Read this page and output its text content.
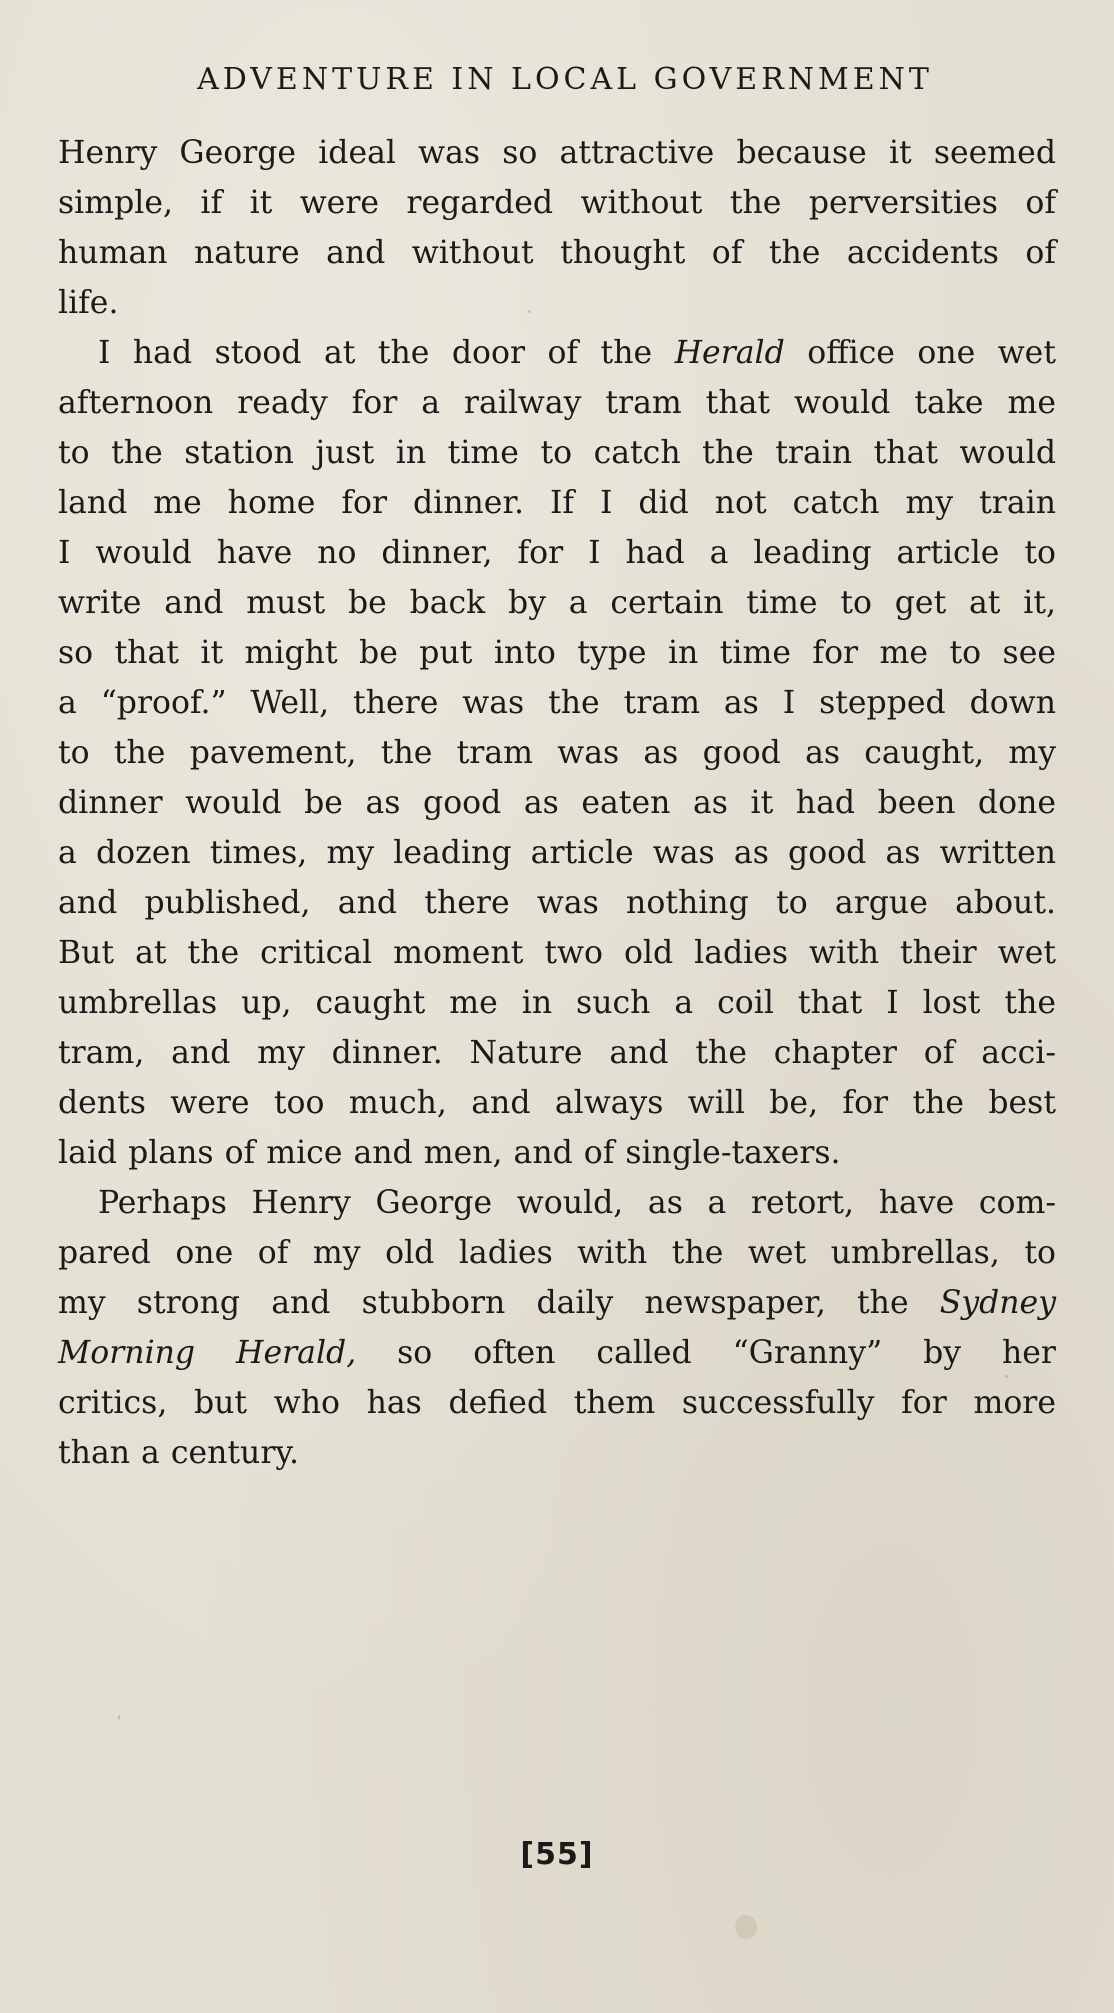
ADVENTURE IN LOCAL GOVERNMENT
Henry George ideal was so attractive because it seemed
simple, if it were regarded without the perversities of
human nature and without thought of the accidents of
life.
I had stood at the door of the Herald office one wet
afternoon ready for a railway tram that would take me
to the station just in time to catch the train that would
land me home for dinner. If I did not catch my train
I would have no dinner, for I had a leading article to
write and must be back by a certain time to get at it,
so that it might be put into type in time for me to see
a “proof.” Well, there was the tram as I stepped down
to the pavement, the tram was as good as caught, my
dinner would be as good as eaten as it had been done
a dozen times, my leading article was as good as written
and published, and there was nothing to argue about.
But at the critical moment two old ladies with their wet
umbrellas up, caught me in such a coil that I lost the
tram, and my dinner. Nature and the chapter of acci-
dents were too much, and always will be, for the best
laid plans of mice and men, and of single-taxers.
Perhaps Henry George would, as a retort, have com-
pared one of my old ladies with the wet umbrellas, to
my strong and stubborn daily newspaper, the Sydney
Morning Herald, so often called “Granny” by her
critics, but who has defied them successfully for more
than a century.
[55]
